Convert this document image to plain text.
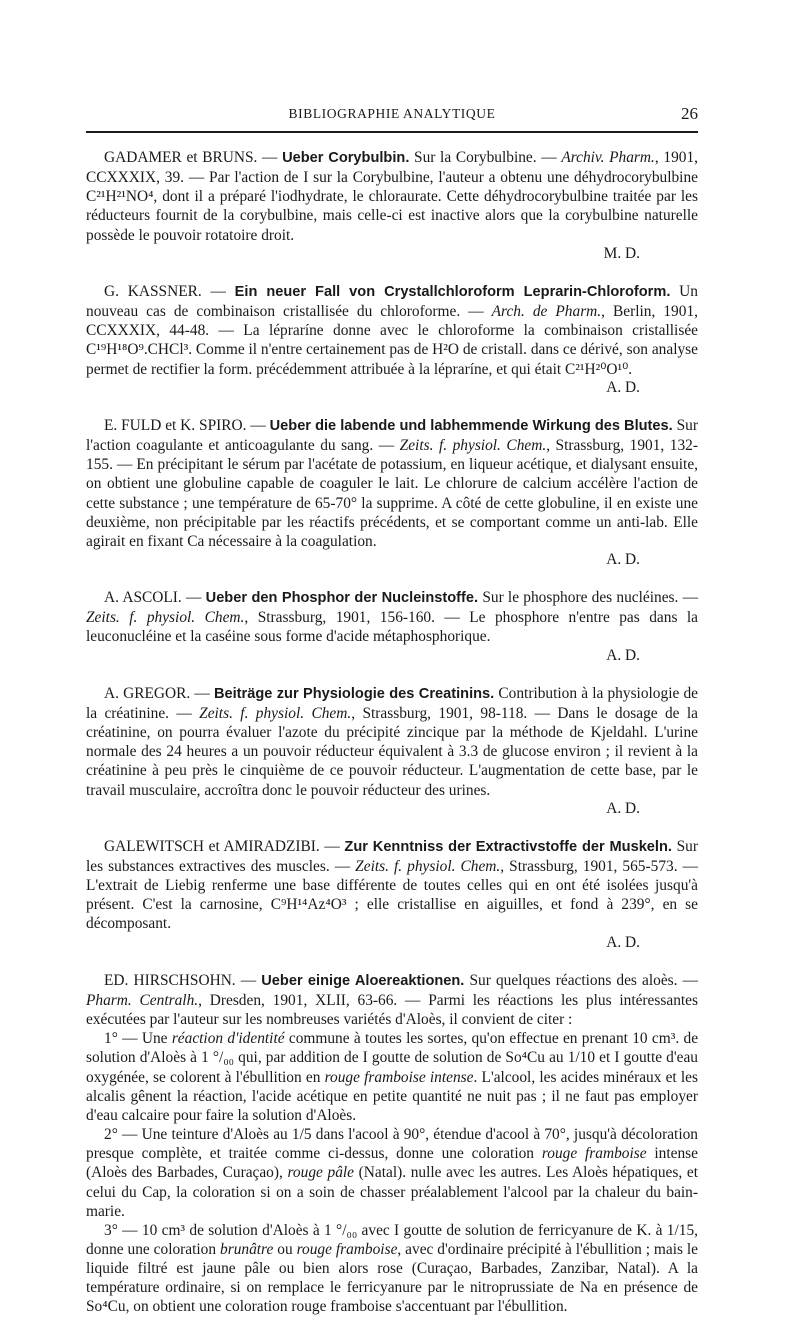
BIBLIOGRAPHIE ANALYTIQUE	26

GADAMER et BRUNS. — Ueber Corybulbin. Sur la Corybulbine. — Archiv. Pharm., 1901, CCXXXIX, 39. — Par l'action de I sur la Corybulbine, l'auteur a obtenu une déhydrocorybulbine C²¹H²¹NO⁴, dont il a préparé l'iodhydrate, le chloraurate. Cette déhydrocorybulbine traitée par les réducteurs fournit de la corybulbine, mais celle-ci est inactive alors que la corybulbine naturelle possède le pouvoir rotatoire droit.

M. D.

G. KASSNER. — Ein neuer Fall von Crystallchloroform Leprarin-Chloroform. Un nouveau cas de combinaison cristallisée du chloroforme. — Arch. de Pharm., Berlin, 1901, CCXXXIX, 44-48. — La lépraríne donne avec le chloroforme la combinaison cristallisée C¹⁹H¹⁸O⁹.CHCl³. Comme il n'entre certainement pas de H²O de cristall. dans ce dérivé, son analyse permet de rectifier la form. précédemment attribuée à la lépraríne, et qui était C²¹H²⁰O¹⁰.

A. D.

E. FULD et K. SPIRO. — Ueber die labende und labhemmende Wirkung des Blutes. Sur l'action coagulante et anticoagulante du sang. — Zeits. f. physiol. Chem., Strassburg, 1901, 132-155. — En précipitant le sérum par l'acétate de potassium, en liqueur acétique, et dialysant ensuite, on obtient une globuline capable de coaguler le lait. Le chlorure de calcium accélère l'action de cette substance ; une température de 65-70° la supprime. A côté de cette globuline, il en existe une deuxième, non précipitable par les réactifs précédents, et se comportant comme un anti-lab. Elle agirait en fixant Ca nécessaire à la coagulation.

A. D.

A. ASCOLI. — Ueber den Phosphor der Nucleinstoffe. Sur le phosphore des nucléines. — Zeits. f. physiol. Chem., Strassburg, 1901, 156-160. — Le phosphore n'entre pas dans la leuconucléine et la caséine sous forme d'acide métaphosphorique.

A. D.

A. GREGOR. — Beiträge zur Physiologie des Creatinins. Contribution à la physiologie de la créatinine. — Zeits. f. physiol. Chem., Strassburg, 1901, 98-118. — Dans le dosage de la créatinine, on pourra évaluer l'azote du précipité zincique par la méthode de Kjeldahl. L'urine normale des 24 heures a un pouvoir réducteur équivalent à 3.3 de glucose environ ; il revient à la créatinine à peu près le cinquième de ce pouvoir réducteur. L'augmentation de cette base, par le travail musculaire, accroîtra donc le pouvoir réducteur des urines.

A. D.

GALEWITSCH et AMIRADZIBI. — Zur Kenntniss der Extractivstoffe der Muskeln. Sur les substances extractives des muscles. — Zeits. f. physiol. Chem., Strassburg, 1901, 565-573. — L'extrait de Liebig renferme une base différente de toutes celles qui en ont été isolées jusqu'à présent. C'est la carnosine, C⁹H¹⁴Az⁴O³ ; elle cristallise en aiguilles, et fond à 239°, en se décomposant.

A. D.

ED. HIRSCHSOHN. — Ueber einige Aloereaktionen. Sur quelques réactions des aloès. — Pharm. Centralh., Dresden, 1901, XLII, 63-66. — Parmi les réactions les plus intéressantes exécutées par l'auteur sur les nombreuses variétés d'Aloès, il convient de citer :

1° — Une réaction d'identité commune à toutes les sortes, qu'on effectue en prenant 10 cm³. de solution d'Aloès à 1 °/₀₀ qui, par addition de I goutte de solution de So⁴Cu au 1/10 et I goutte d'eau oxygénée, se colorent à l'ébullition en rouge framboise intense. L'alcool, les acides minéraux et les alcalis gênent la réaction, l'acide acétique en petite quantité ne nuit pas ; il ne faut pas employer d'eau calcaire pour faire la solution d'Aloès.

2° — Une teinture d'Aloès au 1/5 dans l'acool à 90°, étendue d'acool à 70°, jusqu'à décoloration presque complète, et traitée comme ci-dessus, donne une coloration rouge framboise intense (Aloès des Barbades, Curaçao), rouge pâle (Natal). nulle avec les autres. Les Aloès hépatiques, et celui du Cap, la coloration si on a soin de chasser préalablement l'alcool par la chaleur du bain-marie.

3° — 10 cm³ de solution d'Aloès à 1 °/₀₀ avec I goutte de solution de ferricyanure de K. à 1/15, donne une coloration brunâtre ou rouge framboise, avec d'ordinaire précipité à l'ébullition ; mais le liquide filtré est jaune pâle ou bien alors rose (Curaçao, Barbades, Zanzibar, Natal). A la température ordinaire, si on remplace le ferricyanure par le nitroprussiate de Na en présence de So⁴Cu, on obtient une coloration rouge framboise s'accentuant par l'ébullition.
